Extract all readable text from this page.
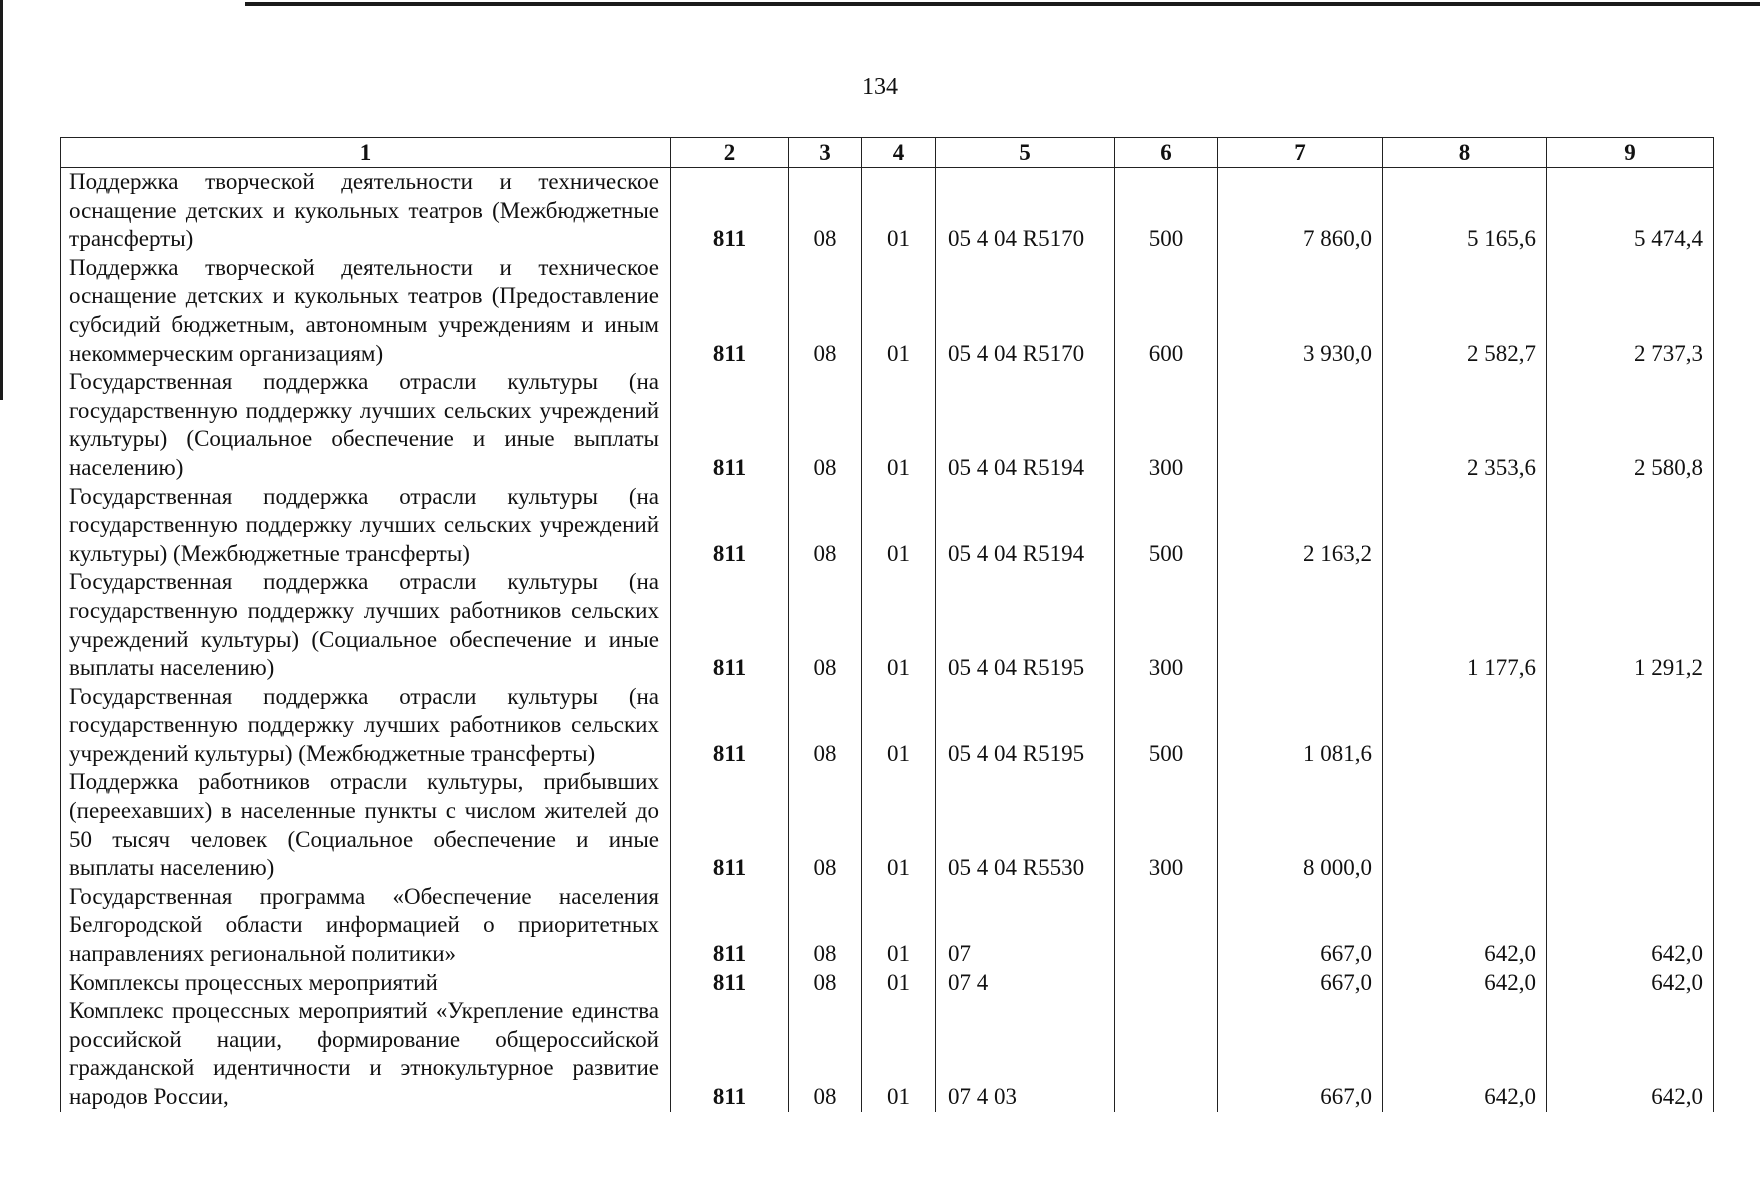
134
1	2	3	4	5	6	7	8	9
Поддержка творческой деятельности и техническое оснащение детских и кукольных театров (Межбюджетные трансферты)	811	08	01	05 4 04 R5170	500	7 860,0	5 165,6	5 474,4
Поддержка творческой деятельности и техническое оснащение детских и кукольных театров (Предоставление субсидий бюджетным, автономным учреждениям и иным некоммерческим организациям)	811	08	01	05 4 04 R5170	600	3 930,0	2 582,7	2 737,3
Государственная поддержка отрасли культуры (на государственную поддержку лучших сельских учреждений культуры) (Социальное обеспечение и иные выплаты населению)	811	08	01	05 4 04 R5194	300		2 353,6	2 580,8
Государственная поддержка отрасли культуры (на государственную поддержку лучших сельских учреждений культуры) (Межбюджетные трансферты)	811	08	01	05 4 04 R5194	500	2 163,2		
Государственная поддержка отрасли культуры (на государственную поддержку лучших работников сельских учреждений культуры) (Социальное обеспечение и иные выплаты населению)	811	08	01	05 4 04 R5195	300		1 177,6	1 291,2
Государственная поддержка отрасли культуры (на государственную поддержку лучших работников сельских учреждений культуры) (Межбюджетные трансферты)	811	08	01	05 4 04 R5195	500	1 081,6		
Поддержка работников отрасли культуры, прибывших (переехавших) в населенные пункты с числом жителей до 50 тысяч человек (Социальное обеспечение и иные выплаты населению)	811	08	01	05 4 04 R5530	300	8 000,0		
Государственная программа «Обеспечение населения Белгородской области информацией о приоритетных направлениях региональной политики»	811	08	01	07		667,0	642,0	642,0
Комплексы процессных мероприятий	811	08	01	07 4		667,0	642,0	642,0
Комплекс процессных мероприятий «Укрепление единства российской нации, формирование общероссийской гражданской идентичности и этнокультурное развитие народов России,	811	08	01	07 4 03		667,0	642,0	642,0
